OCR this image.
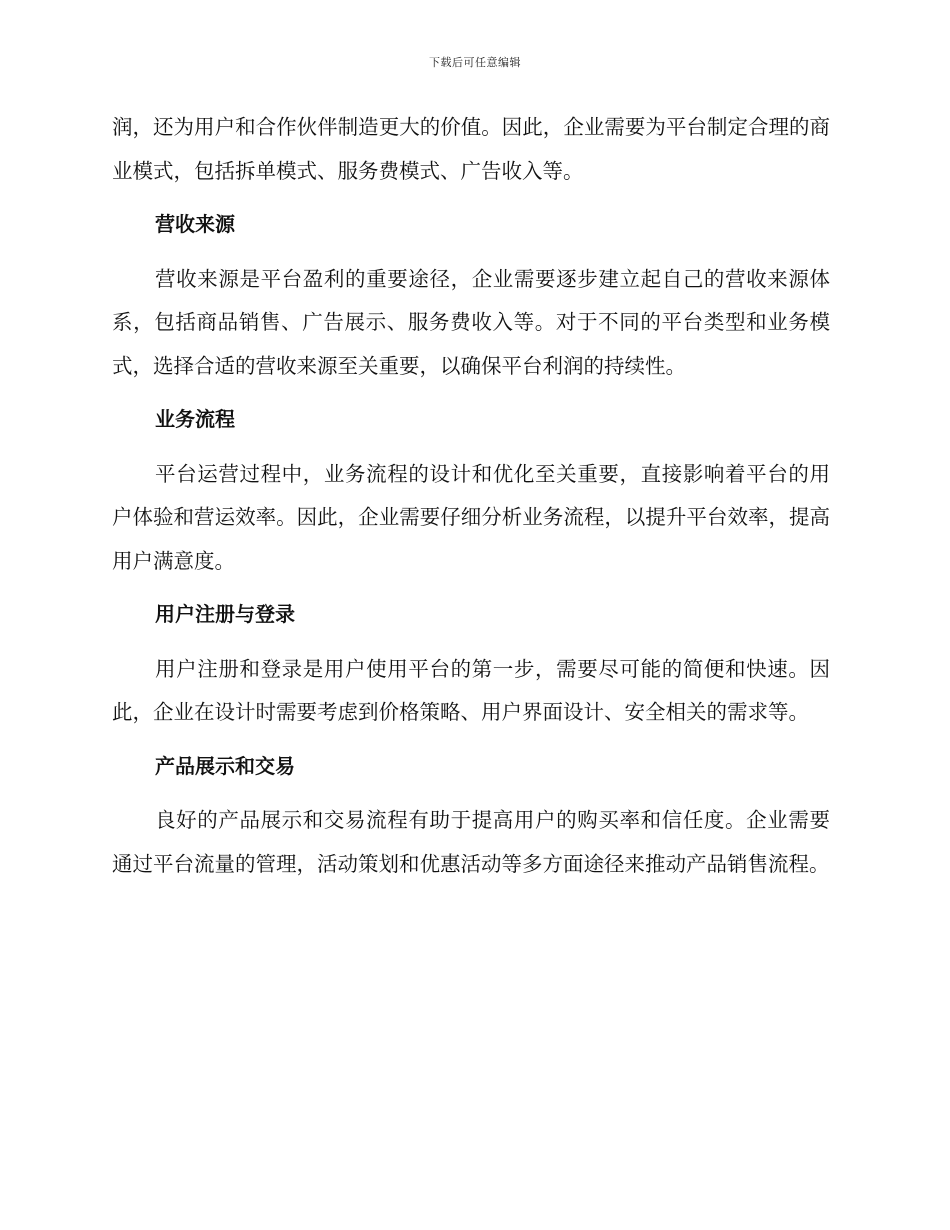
下载后可任意编辑

润，还为用户和合作伙伴制造更大的价值。因此，企业需要为平台制定合理的商业模式，包括拆单模式、服务费模式、广告收入等。

营收来源

营收来源是平台盈利的重要途径，企业需要逐步建立起自己的营收来源体系，包括商品销售、广告展示、服务费收入等。对于不同的平台类型和业务模式，选择合适的营收来源至关重要，以确保平台利润的持续性。

业务流程

平台运营过程中，业务流程的设计和优化至关重要，直接影响着平台的用户体验和营运效率。因此，企业需要仔细分析业务流程，以提升平台效率，提高用户满意度。

用户注册与登录

用户注册和登录是用户使用平台的第一步，需要尽可能的简便和快速。因此，企业在设计时需要考虑到价格策略、用户界面设计、安全相关的需求等。

产品展示和交易

良好的产品展示和交易流程有助于提高用户的购买率和信任度。企业需要通过平台流量的管理，活动策划和优惠活动等多方面途径来推动产品销售流程。
